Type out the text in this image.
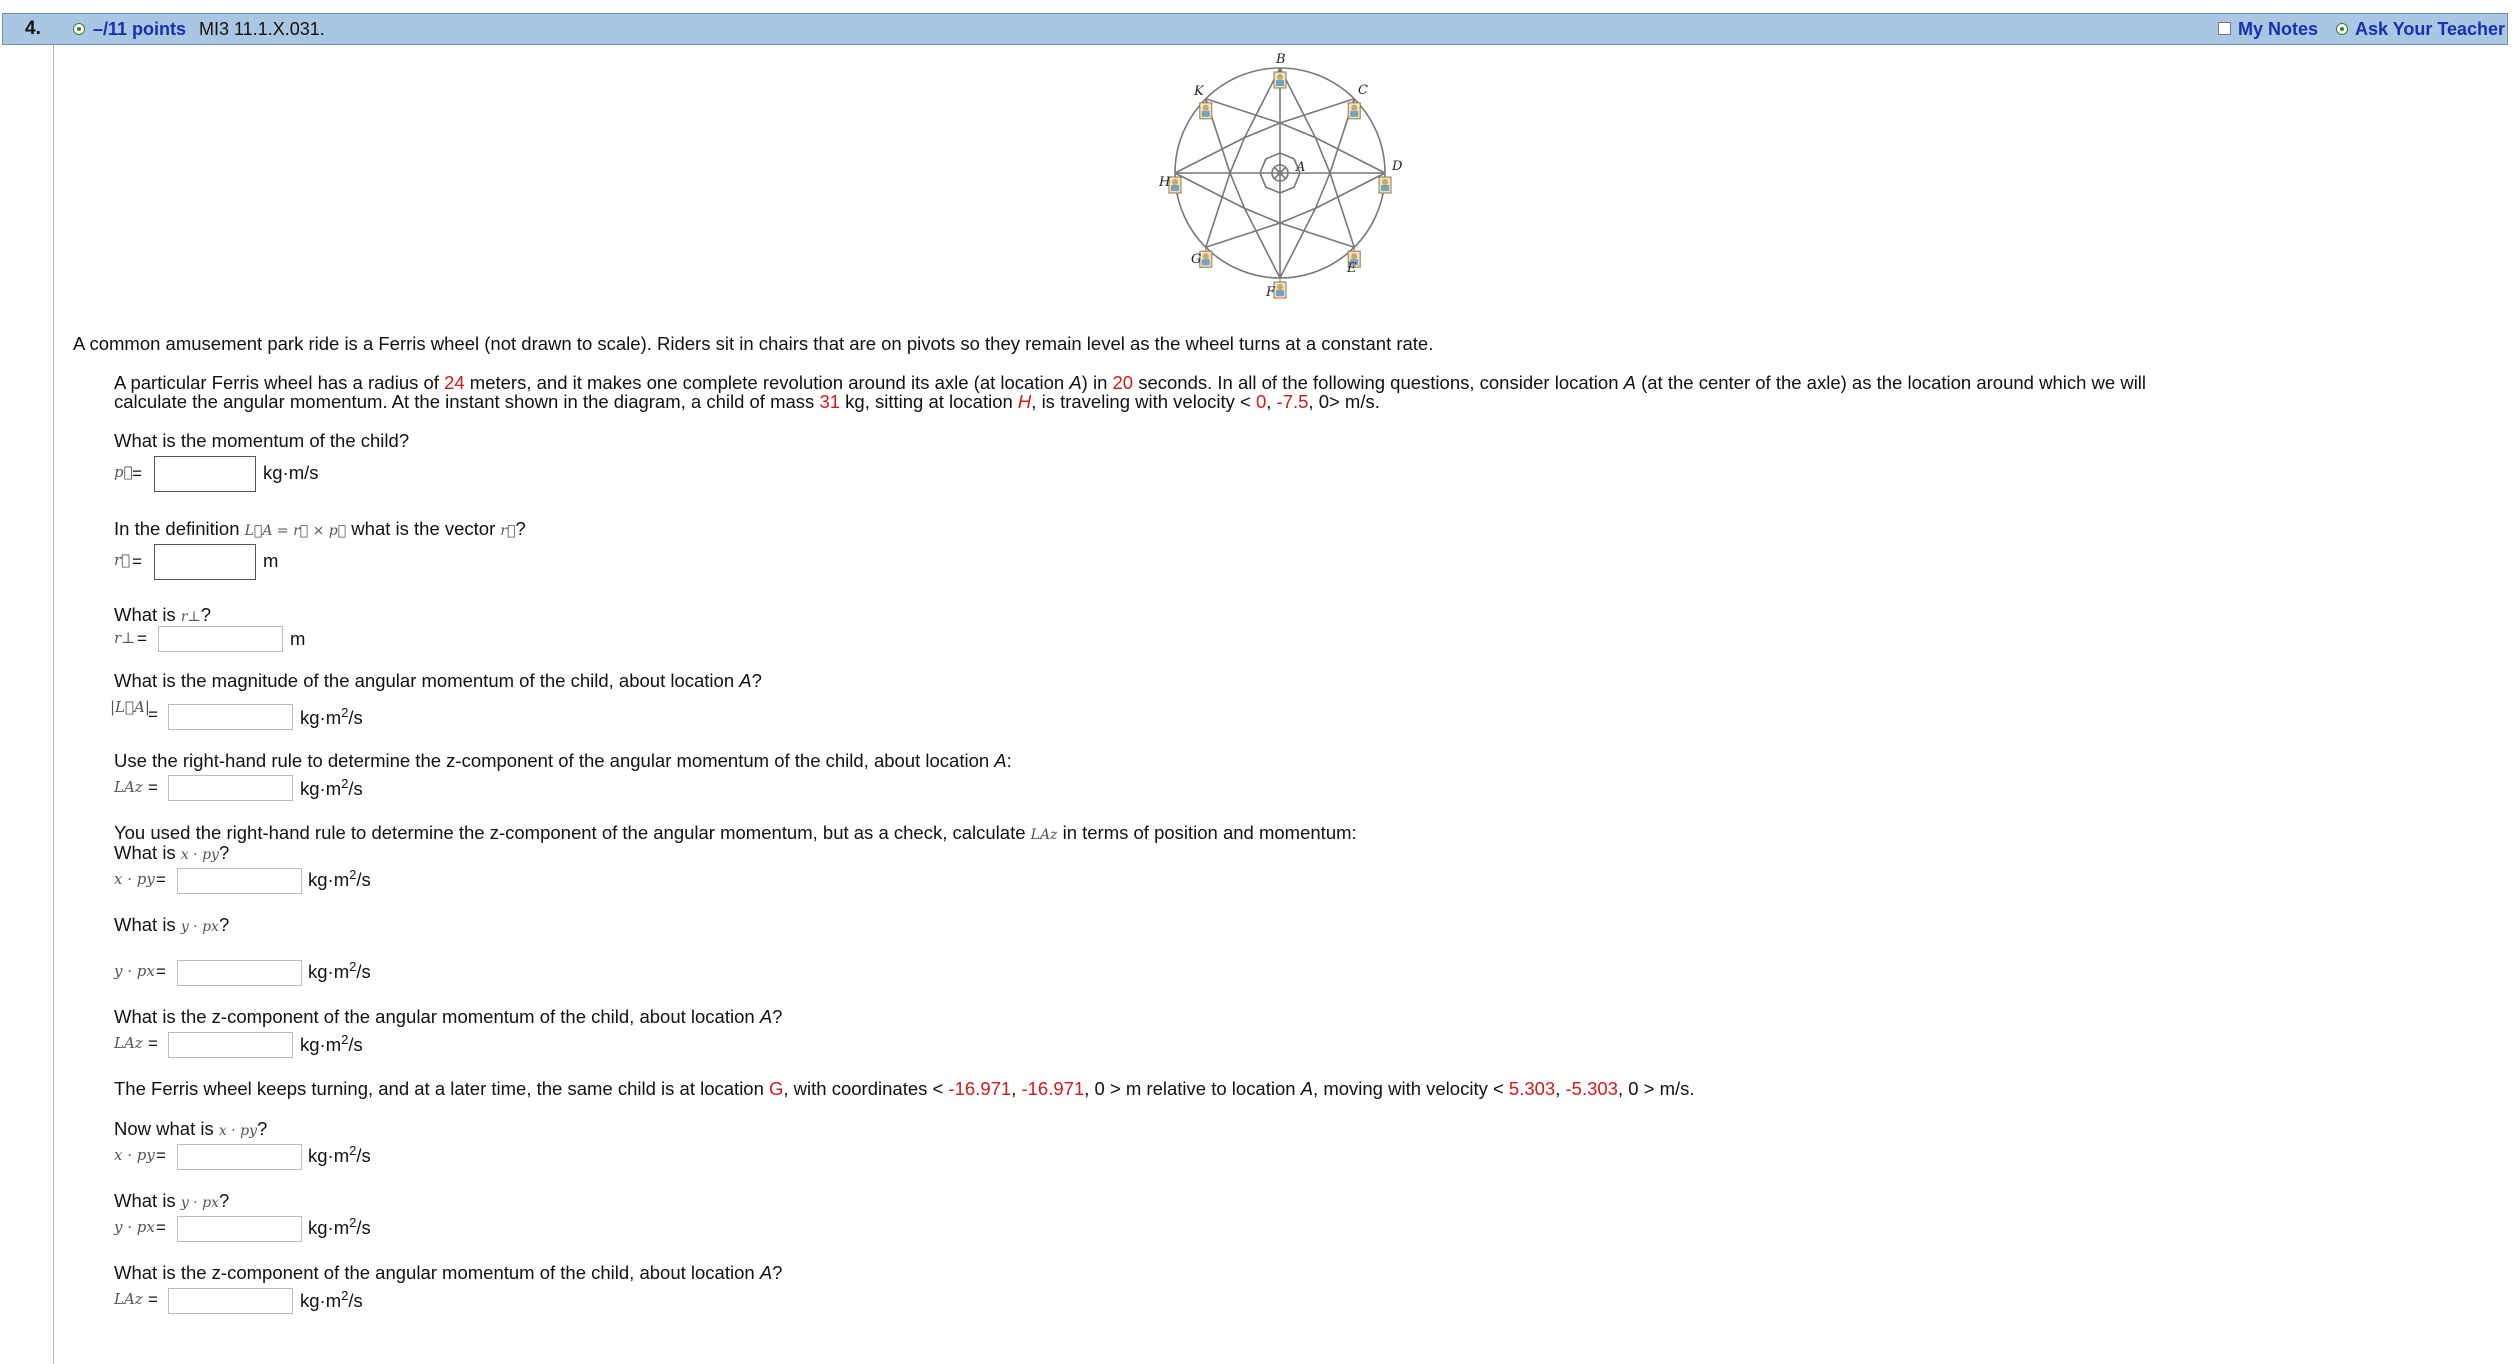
4.	–/11 points MI3 11.1.X.031.	My Notes Ask Your Teacher
B
C
D
E
F
G
H
K
A
A common amusement park ride is a Ferris wheel (not drawn to scale). Riders sit in chairs that are on pivots so they remain level as the wheel turns at a constant rate.
A particular Ferris wheel has a radius of 24 meters, and it makes one complete revolution around its axle (at location A) in 20 seconds. In all of the following questions, consider location A (at the center of the axle) as the location around which we will
calculate the angular momentum. At the instant shown in the diagram, a child of mass 31 kg, sitting at location H, is traveling with velocity < 0, -7.5, 0> m/s.
What is the momentum of the child?
p⃗ =	kg·m/s
In the definition L⃗A = r⃗ × p⃗ what is the vector r⃗?
r⃗ =	m
What is r⊥?
r⊥ =	m
What is the magnitude of the angular momentum of the child, about location A?
|L⃗A|
=	$kg\cdot m^2/s$
Use the right-hand rule to determine the z-component of the angular momentum of the child, about location A:
LAz =	$kg\cdot m^2/s$
You used the right-hand rule to determine the z-component of the angular momentum, but as a check, calculate LAz in terms of position and momentum:
What is x · py?
x · py =	$kg\cdot m^2/s$
What is y · px?
y · px =	$kg\cdot m^2/s$
What is the z-component of the angular momentum of the child, about location A?
LAz =	$kg\cdot m^2/s$
The Ferris wheel keeps turning, and at a later time, the same child is at location G, with coordinates < -16.971, -16.971, 0 > m relative to location A, moving with velocity < 5.303, -5.303, 0 > m/s.
Now what is x · py?
x · py =	$kg\cdot m^2/s$
What is y · px?
y · px =	$kg\cdot m^2/s$
What is the z-component of the angular momentum of the child, about location A?
LAz =	$kg\cdot m^2/s$
